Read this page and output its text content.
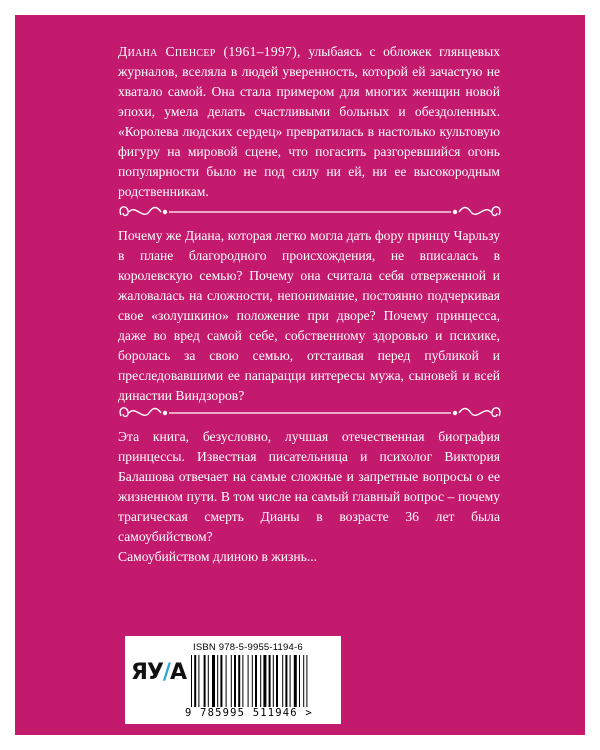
Диана Спенсер (1961–1997), улыбаясь с обложек глянцевых журналов, вселяла в людей уверенность, которой ей зачастую не хватало самой. Она стала примером для многих женщин новой эпохи, умела делать счастливыми больных и обездоленных. «Королева людских сердец» превратилась в настолько культовую фигуру на мировой сцене, что погасить разгоревшийся огонь популярности было не под силу ни ей, ни ее высокородным родственникам.

Почему же Диана, которая легко могла дать фору принцу Чарльзу в плане благородного происхождения, не вписалась в королевскую семью? Почему она считала себя отверженной и жаловалась на сложности, непонимание, постоянно подчеркивая свое «золушкино» положение при дворе? Почему принцесса, даже во вред самой себе, собственному здоровью и психике, боролась за свою семью, отстаивая перед публикой и преследовавшими ее папарацци интересы мужа, сыновей и всей династии Виндзоров?

Эта книга, безусловно, лучшая отечественная биография принцессы. Известная писательница и психолог Виктория Балашова отвечает на самые сложные и запретные вопросы о ее жизненном пути. В том числе на самый главный вопрос – почему трагическая смерть Дианы в возрасте 36 лет была самоубийством?

Самоубийством длиною в жизнь...

ЯУ/А
ISBN 978-5-9955-1194-6
9 785995 511946 >
